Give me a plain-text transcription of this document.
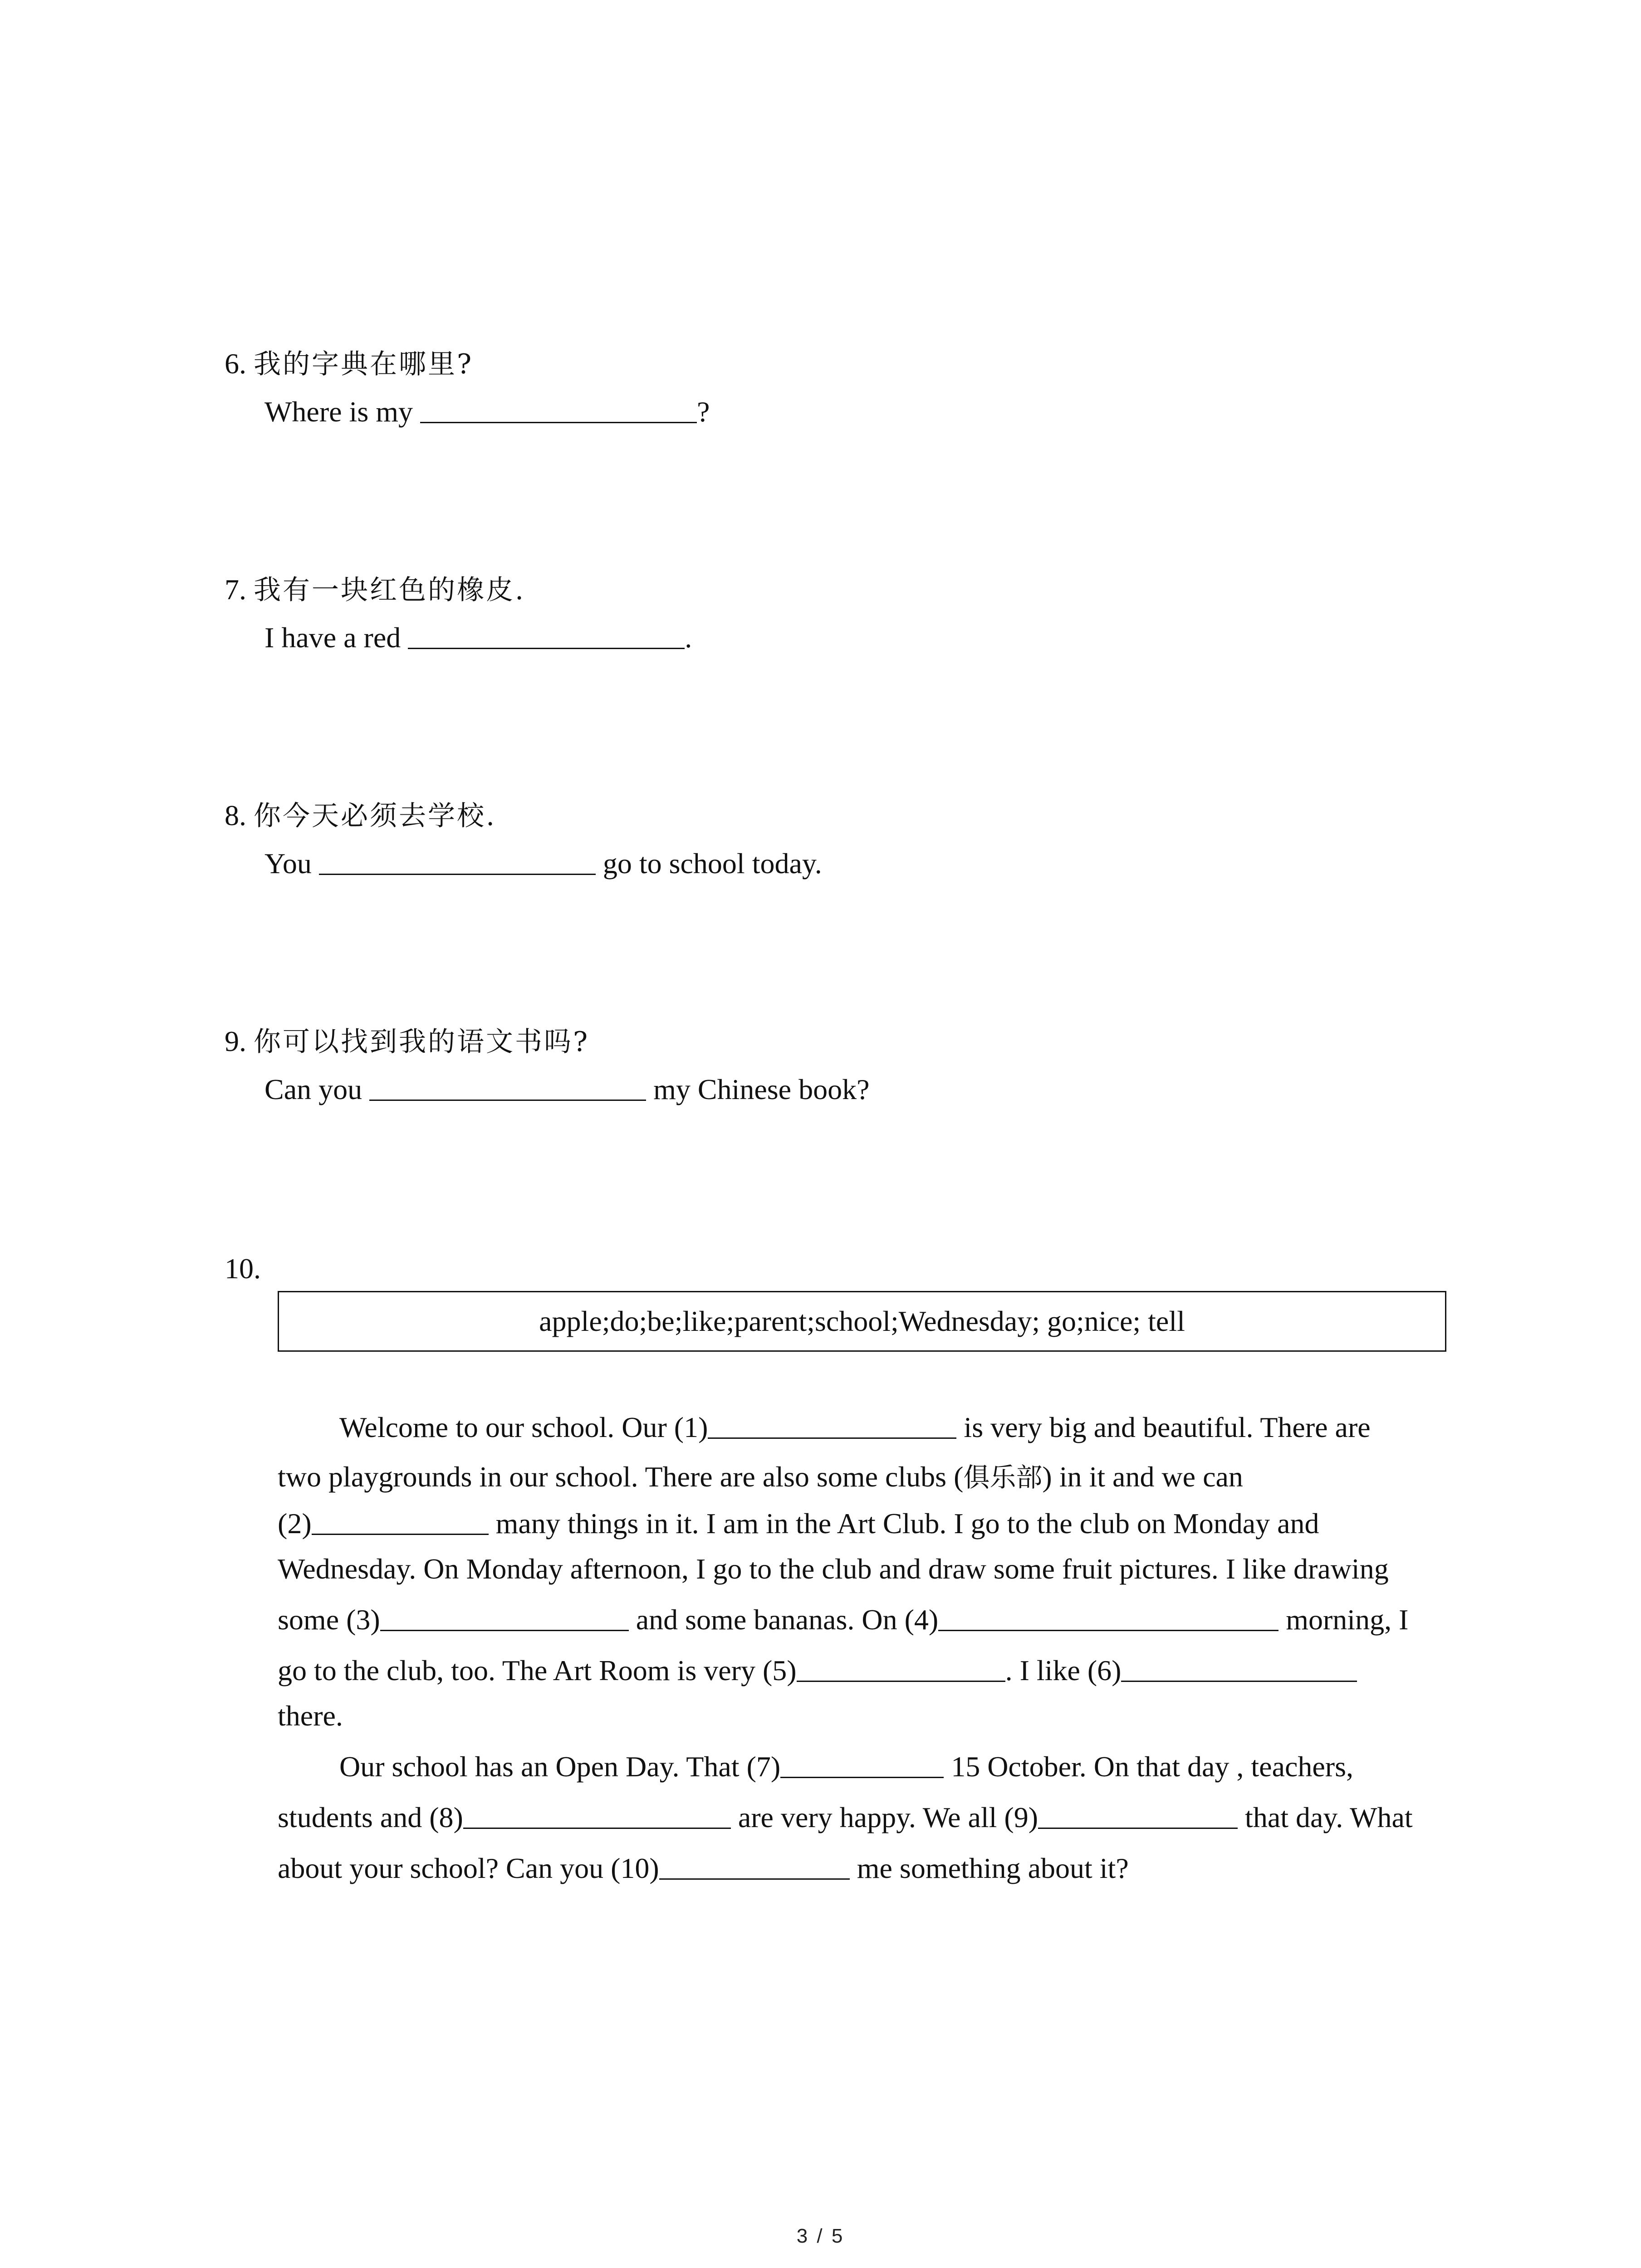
6. 我的字典在哪里?
Where is my	?
7. 我有一块红色的橡皮.
I have a red	.
8. 你今天必须去学校.
You	go to school today.
9. 你可以找到我的语文书吗?
Can you	my Chinese book?
10.
apple;do;be;like;parent;school;Wednesday; go;nice; tell
Welcome to our school. Our (1)	is very big and beautiful. There are
two playgrounds in our school. There are also some clubs (俱乐部) in it and we can
(2)	many things in it. I am in the Art Club. I go to the club on Monday and
Wednesday. On Monday afternoon, I go to the club and draw some fruit pictures. I like drawing
some (3)	and some bananas. On (4)	morning, I
go to the club, too. The Art Room is very (5)	. I like (6)
there.
Our school has an Open Day. That (7)	15 October. On that day , teachers,
students and (8)	are very happy. We all (9)	that day. What
about your school? Can you (10)	me something about it?
3 / 5
